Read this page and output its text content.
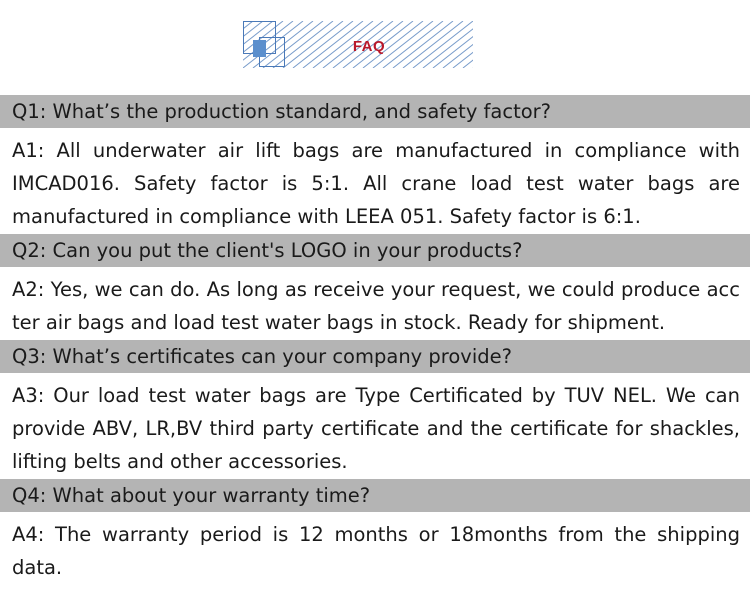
FAQ
Q1: What’s the production standard, and safety factor?
A1: All underwater air lift bags are manufactured in compliance with IMCAD016. Safety factor is 5:1. All crane load test water bags are manufactured in compliance with LEEA 051. Safety factor is 6:1.
Q2: Can you put the client's LOGO in your products?
A2: Yes, we can do. As long as receive your request, we could produce acc ter air bags and load test water bags in stock. Ready for shipment.
Q3: What’s certificates can your company provide?
A3: Our load test water bags are Type Certificated by TUV NEL. We can provide ABV, LR,BV third party certificate and the certificate for shackles, lifting belts and other accessories.
Q4: What about your warranty time?
A4: The warranty period is 12 months or 18months from the shipping data.
